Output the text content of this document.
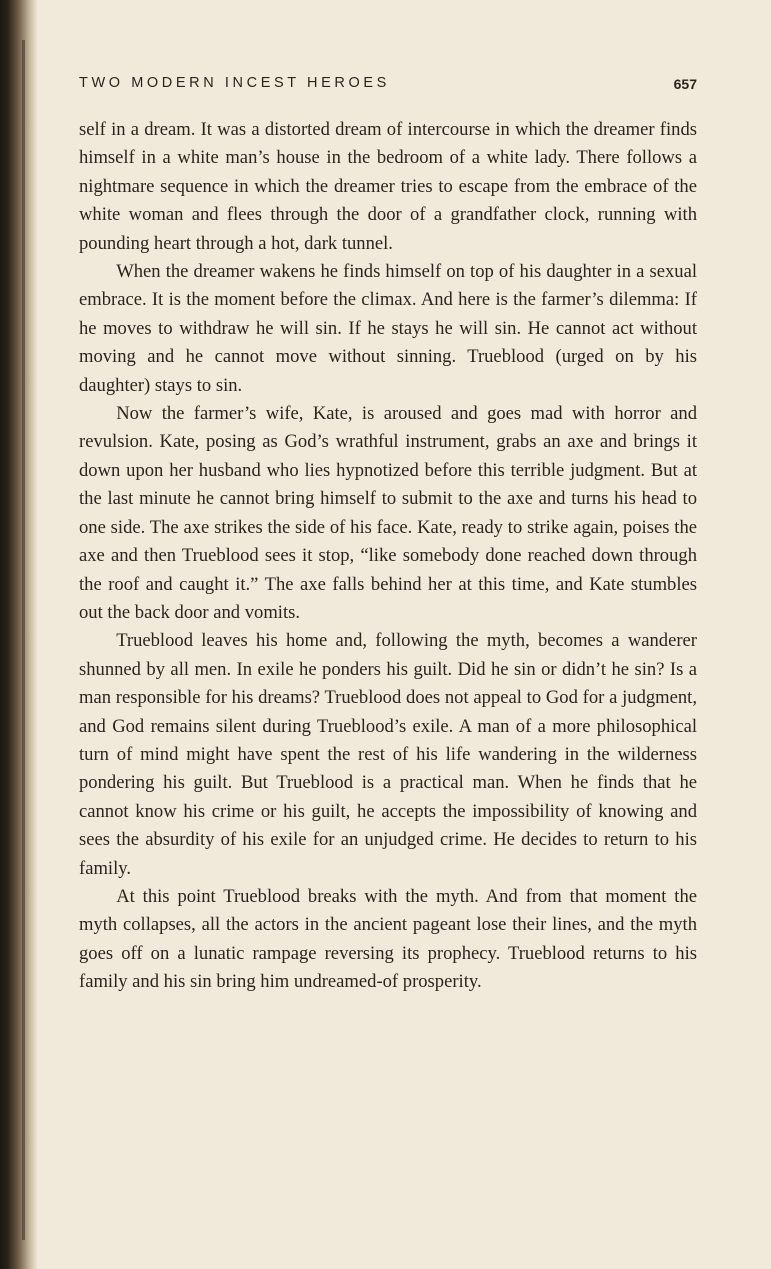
TWO MODERN INCEST HEROES	657

self in a dream. It was a distorted dream of intercourse in which the dreamer finds himself in a white man’s house in the bedroom of a white lady. There follows a nightmare sequence in which the dreamer tries to escape from the embrace of the white woman and flees through the door of a grandfather clock, running with pounding heart through a hot, dark tunnel.

When the dreamer wakens he finds himself on top of his daughter in a sexual embrace. It is the moment before the climax. And here is the farmer’s dilemma: If he moves to withdraw he will sin. If he stays he will sin. He cannot act without moving and he cannot move without sinning. Trueblood (urged on by his daughter) stays to sin.

Now the farmer’s wife, Kate, is aroused and goes mad with horror and revulsion. Kate, posing as God’s wrathful instrument, grabs an axe and brings it down upon her husband who lies hypnotized before this terrible judgment. But at the last minute he cannot bring himself to submit to the axe and turns his head to one side. The axe strikes the side of his face. Kate, ready to strike again, poises the axe and then Trueblood sees it stop, “like somebody done reached down through the roof and caught it.” The axe falls behind her at this time, and Kate stumbles out the back door and vomits.

Trueblood leaves his home and, following the myth, becomes a wanderer shunned by all men. In exile he ponders his guilt. Did he sin or didn’t he sin? Is a man responsible for his dreams? Trueblood does not appeal to God for a judgment, and God remains silent during Trueblood’s exile. A man of a more philosophical turn of mind might have spent the rest of his life wandering in the wilderness pondering his guilt. But Trueblood is a practical man. When he finds that he cannot know his crime or his guilt, he accepts the impossibility of knowing and sees the absurdity of his exile for an unjudged crime. He decides to return to his family.

At this point Trueblood breaks with the myth. And from that moment the myth collapses, all the actors in the ancient pageant lose their lines, and the myth goes off on a lunatic rampage reversing its prophecy. Trueblood returns to his family and his sin bring him undreamed-of prosperity.
